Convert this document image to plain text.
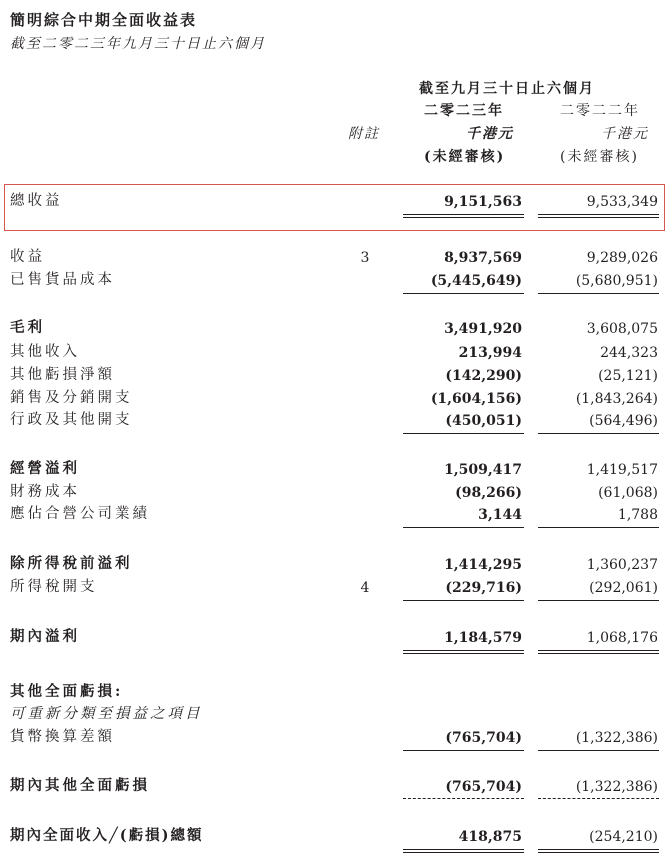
簡明綜合中期全面收益表
截至二零二三年九月三十日止六個月
截至九月三十日止六個月
二零二三年	二零二二年
附註	千港元	千港元
(未經審核)	(未經審核)
總收益	9,151,563	9,533,349
收益	3	8,937,569	9,289,026
已售貨品成本	(5,445,649)	(5,680,951)
毛利	3,491,920	3,608,075
其他收入	213,994	244,323
其他虧損淨額	(142,290)	(25,121)
銷售及分銷開支	(1,604,156)	(1,843,264)
行政及其他開支	(450,051)	(564,496)
經營溢利	1,509,417	1,419,517
財務成本	(98,266)	(61,068)
應佔合營公司業績	3,144	1,788
除所得稅前溢利	1,414,295	1,360,237
所得稅開支	4	(229,716)	(292,061)
期內溢利	1,184,579	1,068,176
其他全面虧損:
可重新分類至損益之項目
貨幣換算差額	(765,704)	(1,322,386)
期內其他全面虧損	(765,704)	(1,322,386)
期內全面收入╱(虧損)總額	418,875	(254,210)
